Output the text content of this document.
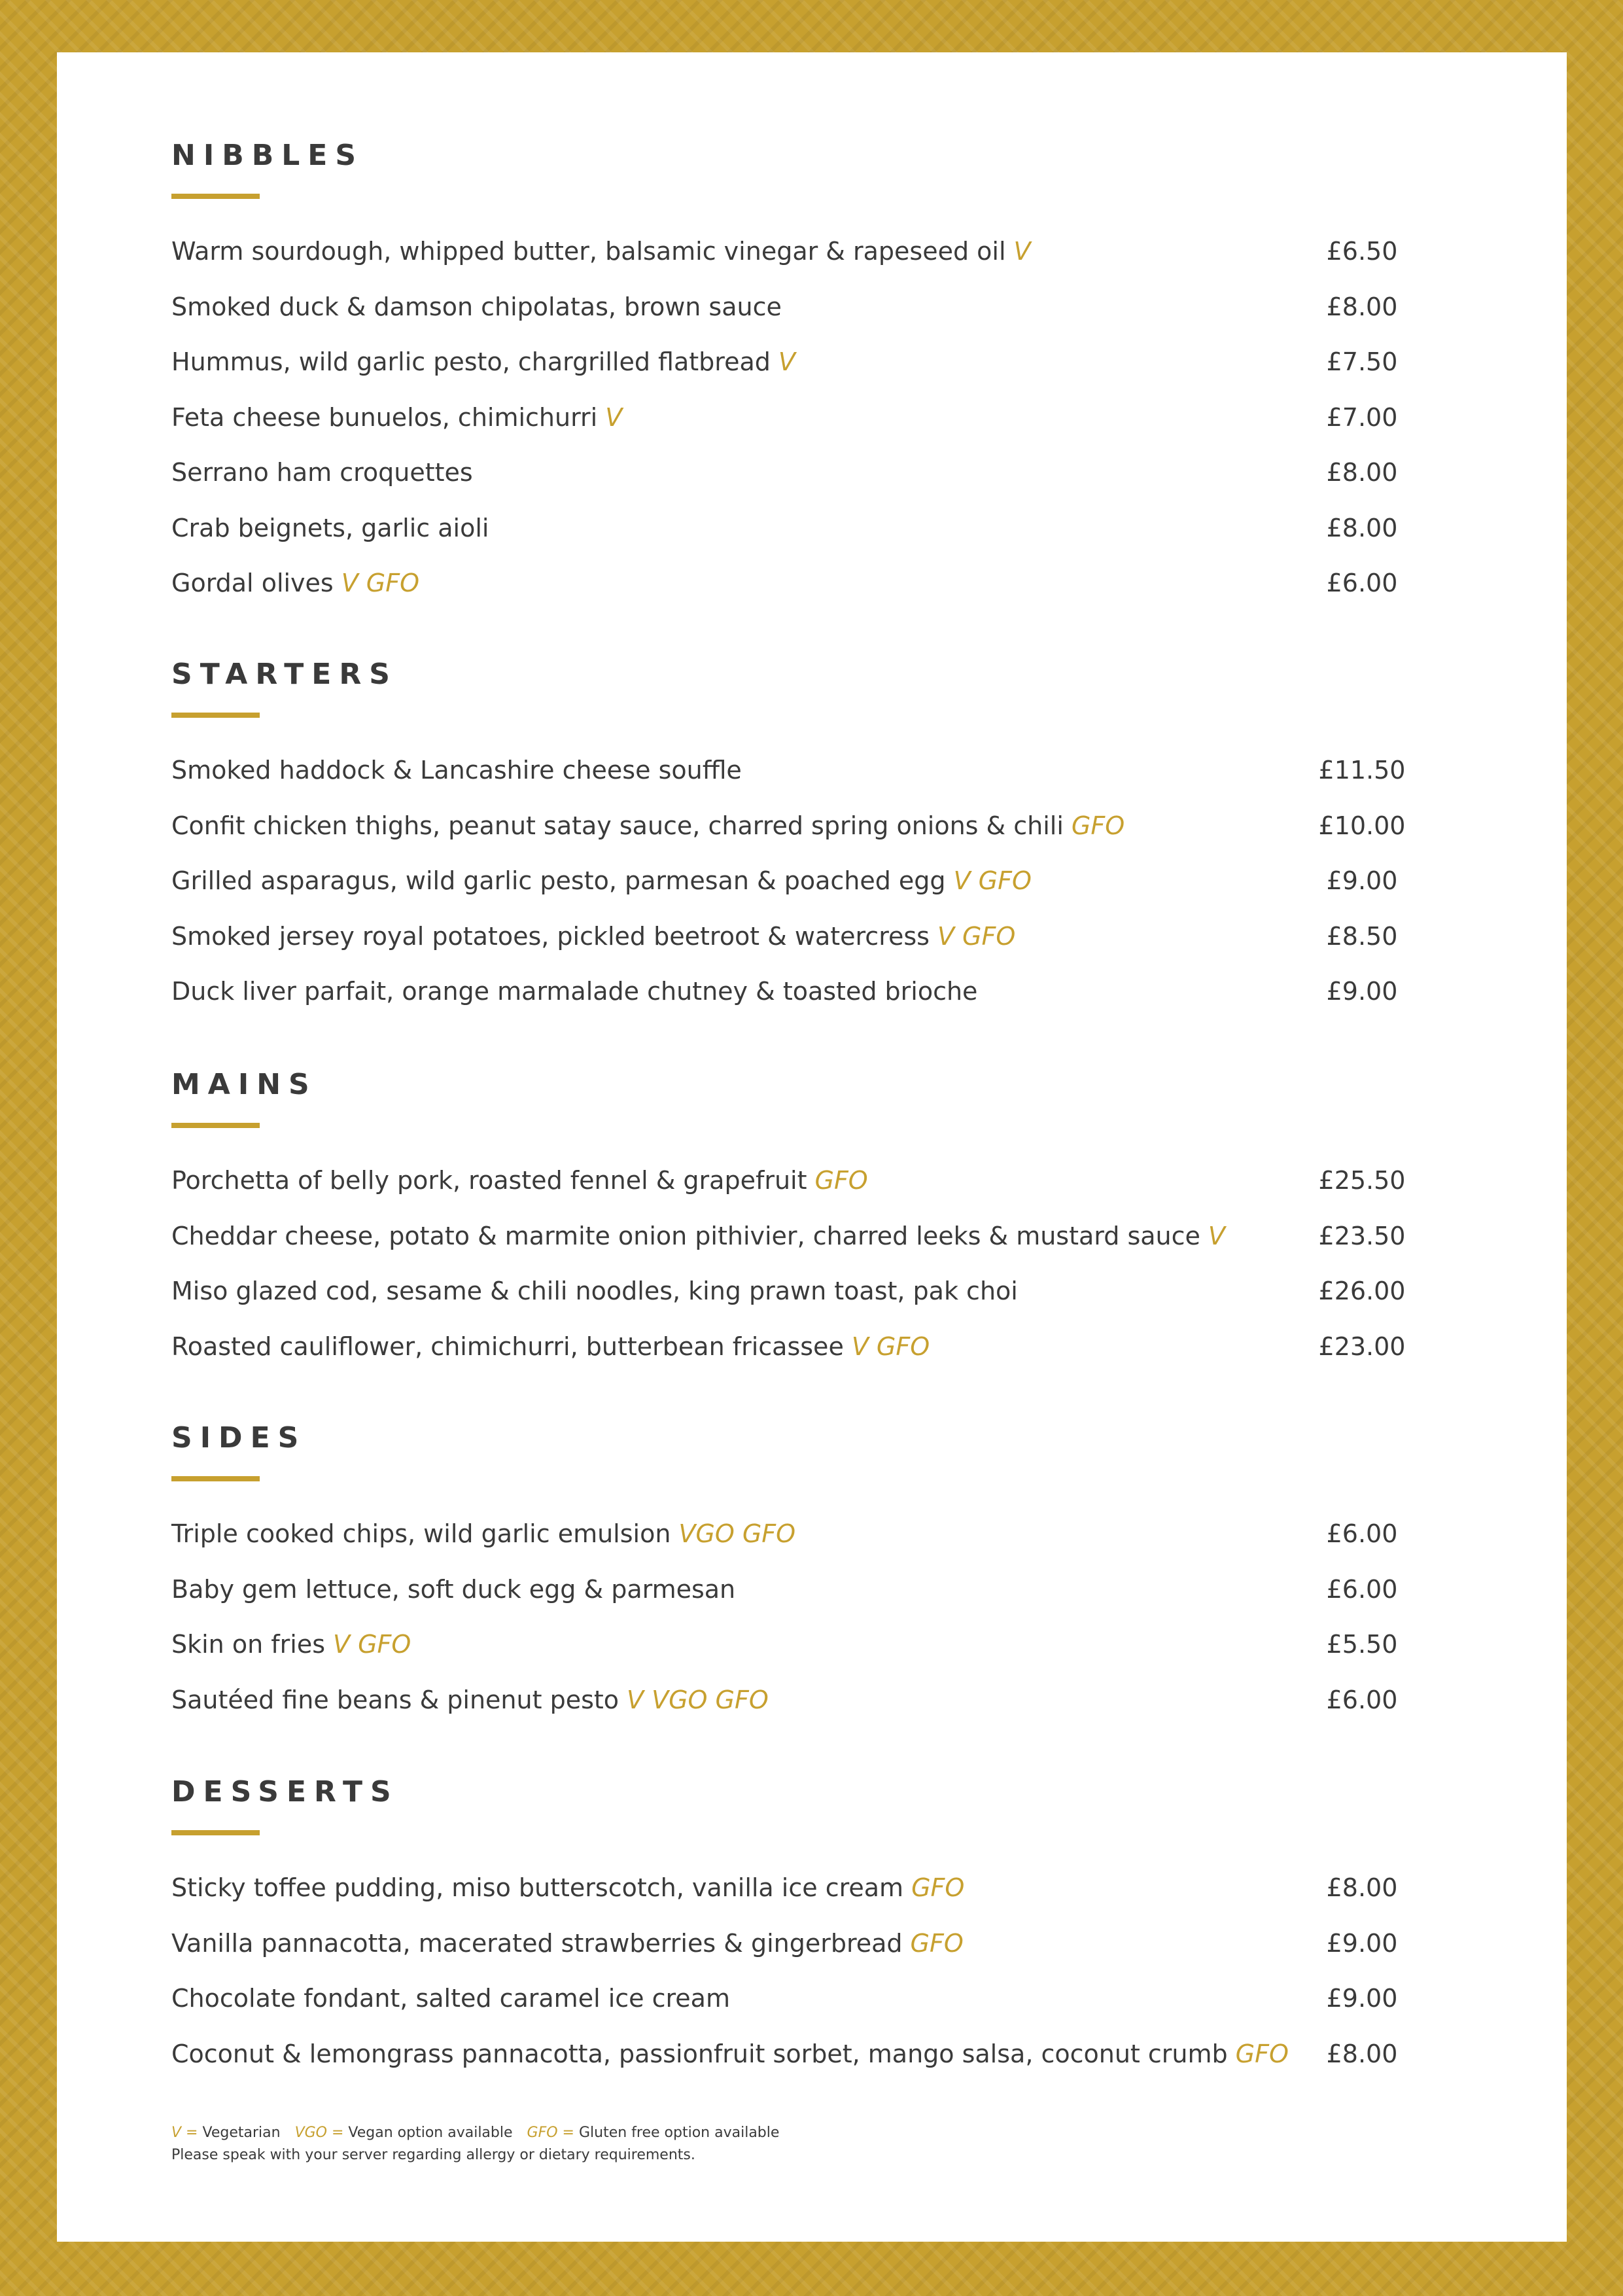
NIBBLES
Warm sourdough, whipped butter, balsamic vinegar & rapeseed oil V	£6.50
Smoked duck & damson chipolatas, brown sauce	£8.00
Hummus, wild garlic pesto, chargrilled flatbread V	£7.50
Feta cheese bunuelos, chimichurri V	£7.00
Serrano ham croquettes	£8.00
Crab beignets, garlic aioli	£8.00
Gordal olives V GFO	£6.00
STARTERS
Smoked haddock & Lancashire cheese souffle	£11.50
Confit chicken thighs, peanut satay sauce, charred spring onions & chili GFO	£10.00
Grilled asparagus, wild garlic pesto, parmesan & poached egg V GFO	£9.00
Smoked jersey royal potatoes, pickled beetroot & watercress V GFO	£8.50
Duck liver parfait, orange marmalade chutney & toasted brioche	£9.00
MAINS
Porchetta of belly pork, roasted fennel & grapefruit GFO	£25.50
Cheddar cheese, potato & marmite onion pithivier, charred leeks & mustard sauce V	£23.50
Miso glazed cod, sesame & chili noodles, king prawn toast, pak choi	£26.00
Roasted cauliflower, chimichurri, butterbean fricassee V GFO	£23.00
SIDES
Triple cooked chips, wild garlic emulsion VGO GFO	£6.00
Baby gem lettuce, soft duck egg & parmesan	£6.00
Skin on fries V GFO	£5.50
Sautéed fine beans & pinenut pesto V VGO GFO	£6.00
DESSERTS
Sticky toffee pudding, miso butterscotch, vanilla ice cream GFO	£8.00
Vanilla pannacotta, macerated strawberries & gingerbread GFO	£9.00
Chocolate fondant, salted caramel ice cream	£9.00
Coconut & lemongrass pannacotta, passionfruit sorbet, mango salsa, coconut crumb GFO	£8.00
V = Vegetarian VGO = Vegan option available GFO = Gluten free option available
Please speak with your server regarding allergy or dietary requirements.
